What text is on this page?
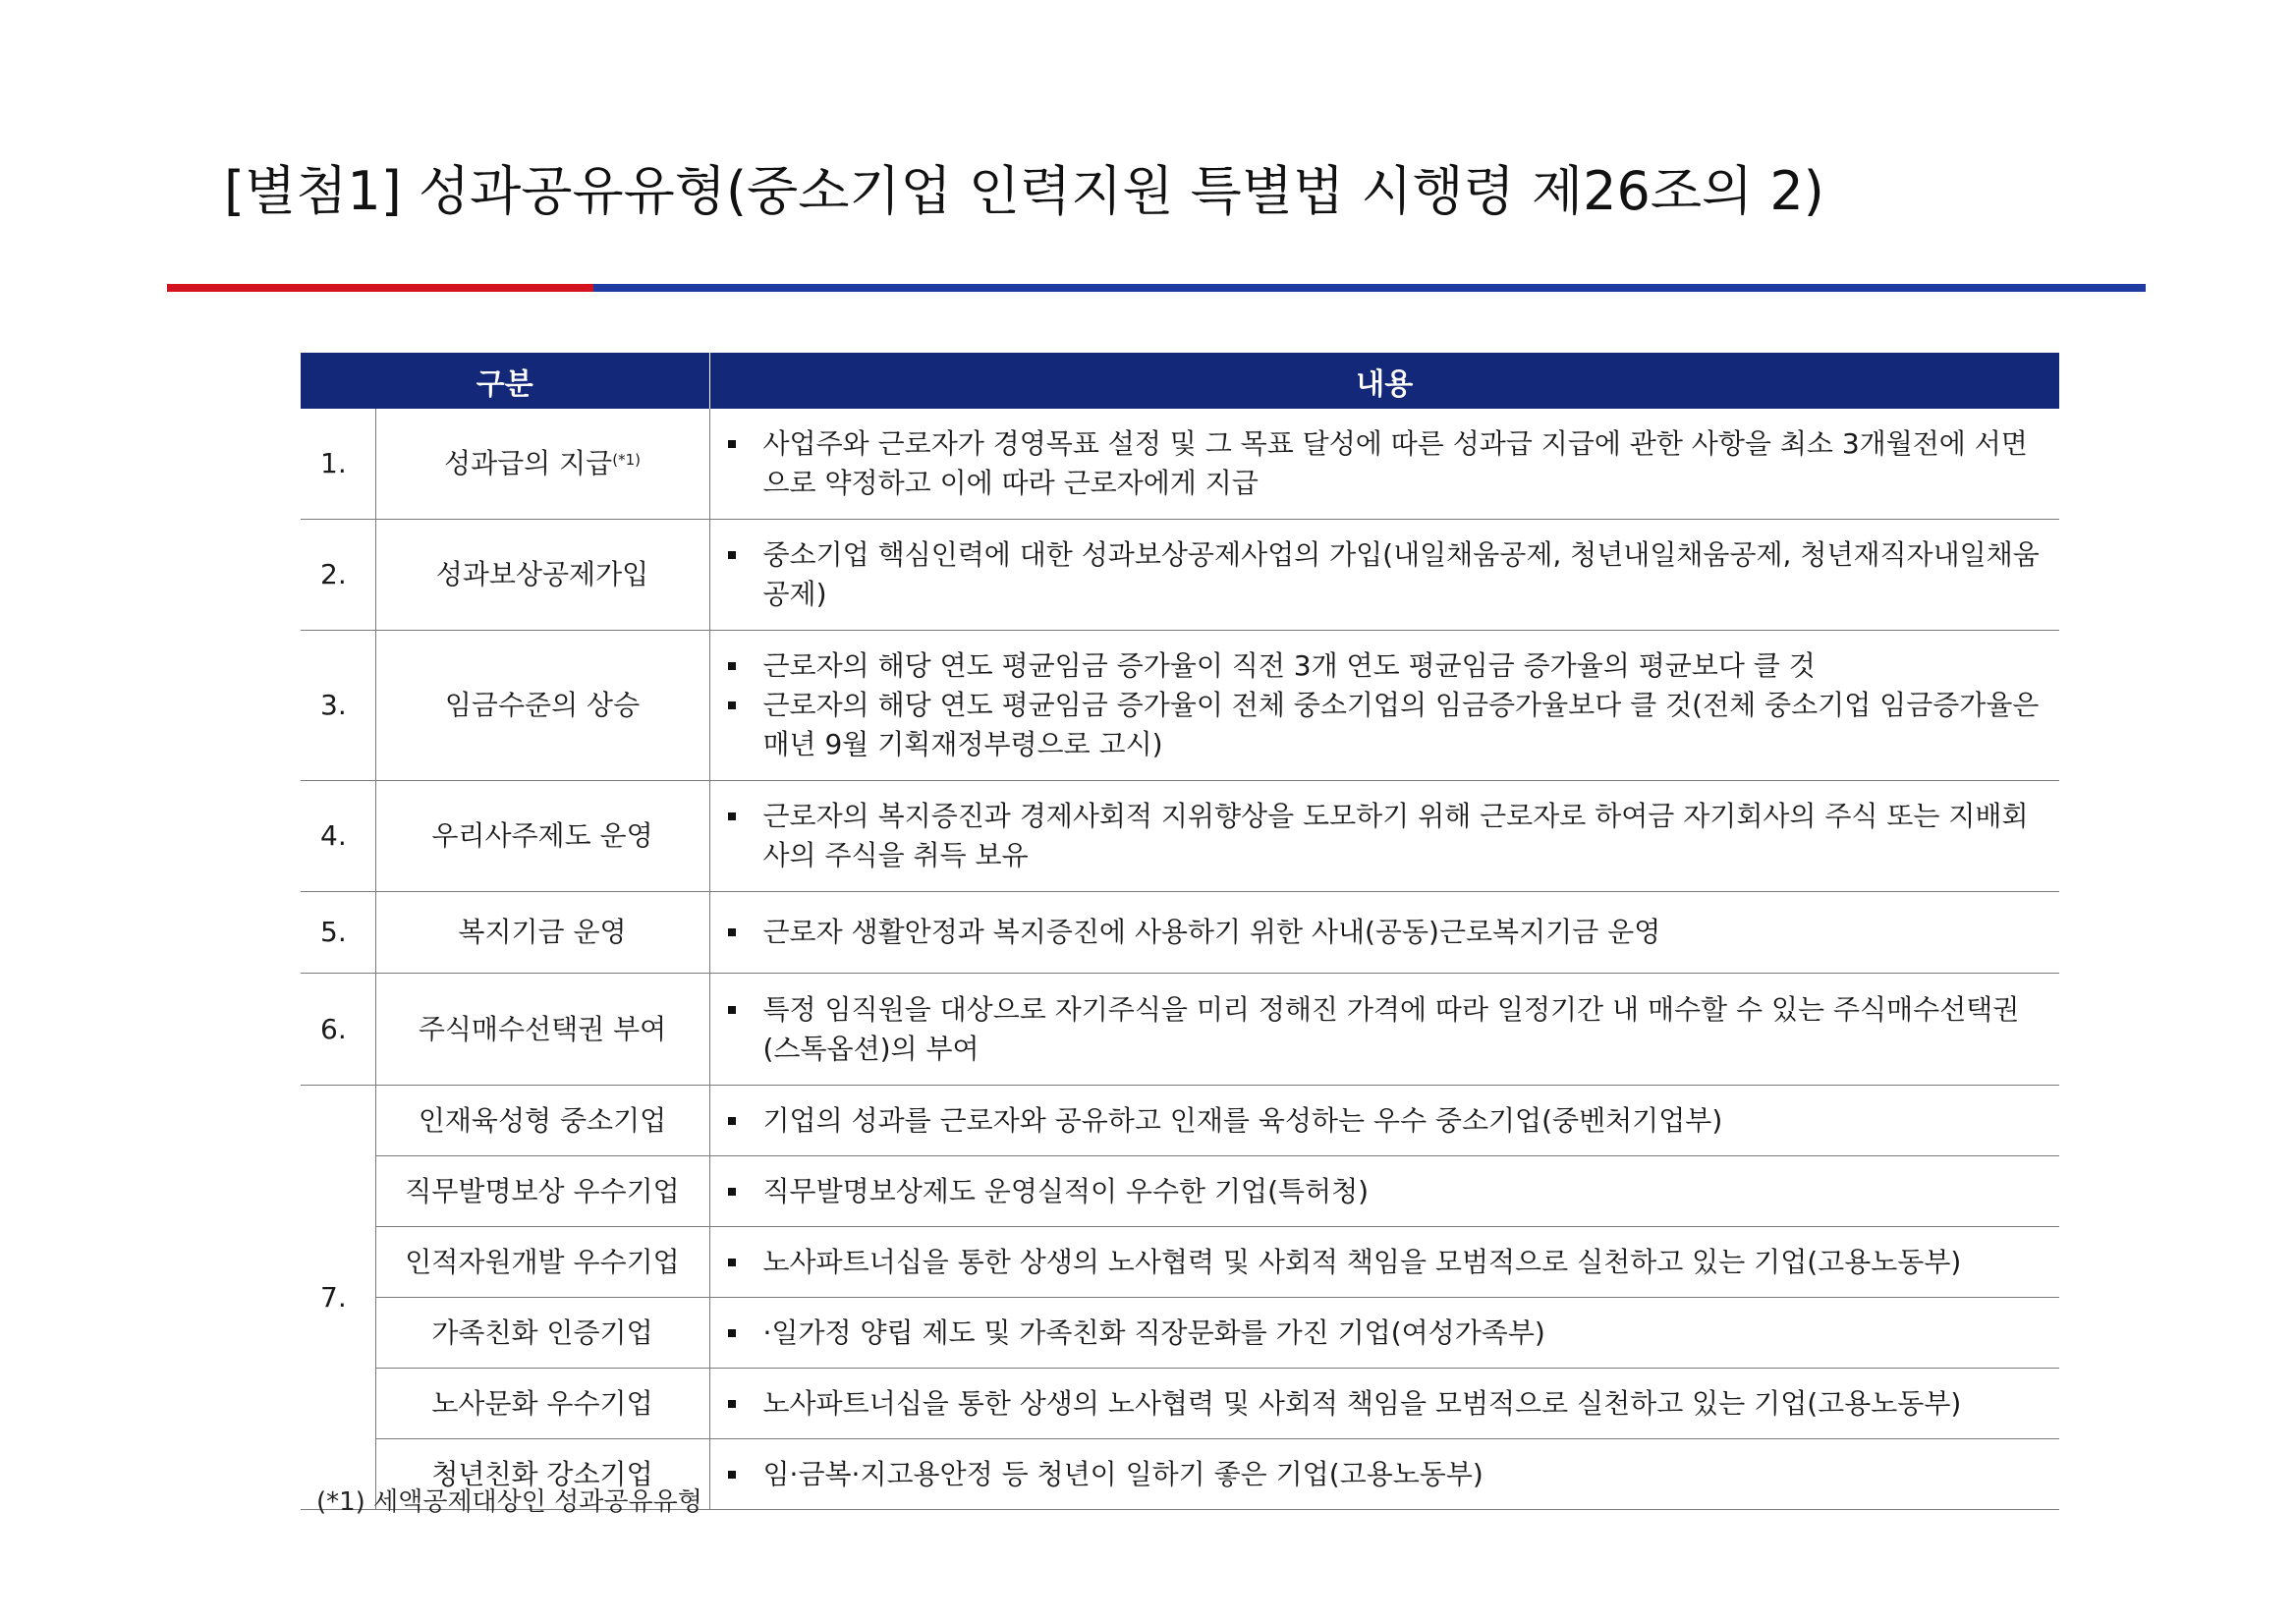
[별첨1] 성과공유유형(중소기업 인력지원 특별법 시행령 제26조의 2)
구분		내용
1.	성과급의 지급$^{(*1)}$	사업주와 근로자가 경영목표 설정 및 그 목표 달성에 따른 성과급 지급에 관한 사항을 최소 3개월전에 서면으로 약정하고 이에 따라 근로자에게 지급

2.	성과보상공제가입	중소기업 핵심인력에 대한 성과보상공제사업의 가입(내일채움공제, 청년내일채움공제, 청년재직자내일채움공제)

3.	임금수준의 상승	근로자의 해당 연도 평균임금 증가율이 직전 3개 연도 평균임금 증가율의 평균보다 클 것
근로자의 해당 연도 평균임금 증가율이 전체 중소기업의 임금증가율보다 클 것(전체 중소기업 임금증가율은 매년 9월 기획재정부령으로 고시)

4.	우리사주제도 운영	근로자의 복지증진과 경제사회적 지위향상을 도모하기 위해 근로자로 하여금 자기회사의 주식 또는 지배회사의 주식을 취득 보유

5.	복지기금 운영	근로자 생활안정과 복지증진에 사용하기 위한 사내(공동)근로복지기금 운영

6.	주식매수선택권 부여	특정 임직원을 대상으로 자기주식을 미리 정해진 가격에 따라 일정기간 내 매수할 수 있는 주식매수선택권(스톡옵션)의 부여

7.	인재육성형 중소기업	기업의 성과를 근로자와 공유하고 인재를 육성하는 우수 중소기업(중벤처기업부)

	직무발명보상 우수기업	직무발명보상제도 운영실적이 우수한 기업(특허청)

	인적자원개발 우수기업	노사파트너십을 통한 상생의 노사협력 및 사회적 책임을 모범적으로 실천하고 있는 기업(고용노동부)

	가족친화 인증기업	·일가정 양립 제도 및 가족친화 직장문화를 가진 기업(여성가족부)

	노사문화 우수기업	노사파트너십을 통한 상생의 노사협력 및 사회적 책임을 모범적으로 실천하고 있는 기업(고용노동부)

	청년친화 강소기업	임·금복·지고용안정 등 청년이 일하기 좋은 기업(고용노동부)
(*1) 세액공제대상인 성과공유유형
